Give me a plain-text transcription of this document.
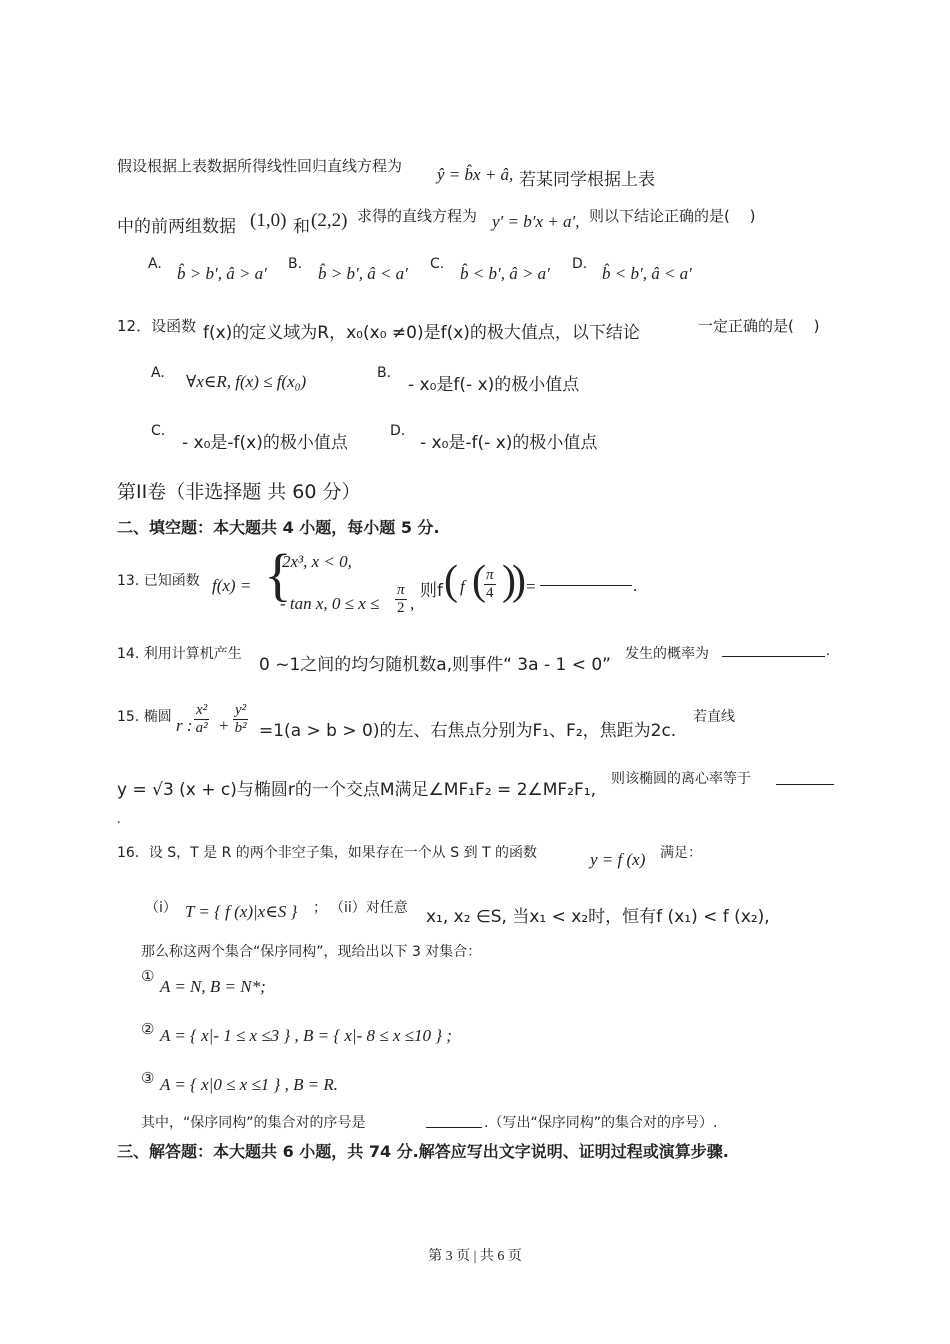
假设根据上表数据所得线性回归直线方程为 ŷ = b̂x + â, 若某同学根据上表
中的前两组数据 (1,0) 和 (2,2) 求得的直线方程为 y′ = b′x + a′, 则以下结论正确的是(　 )
A. b̂ > b′, â > a′ B. b̂ > b′, â < a′ C. b̂ < b′, â > a′ D. b̂ < b′, â < a′
12．设函数 f(x)的定义域为R，x₀(x₀ ≠0)是f(x)的极大值点，以下结论	一定正确的是(　 )
A. ∀x∈R, f(x) ≤ f(x₀)	B.
- x₀是f(- x)的极小值点
C.
- x₀是-f(x)的极小值点
D.
- x₀是-f(- x)的极小值点
第II卷（非选择题 共 60 分）
二、填空题：本大题共 4 小题，每小题 5 分.
13. 已知函数 f(x) = {
2x³, x < 0,
- tan x, 0 ≤ x ≤
π
2 ,
则f ( f ( π
4 )
) =	.
14. 利用计算机产生
0 ~1之间的均匀随机数a,则事件“ 3a - 1 < 0”
发生的概率为	.
15. 椭圆 r :
x²
a² +
y²
b² =1(a > b > 0)的左、右焦点分别为F₁、F₂，焦距为2c.
若直线
y = √3 (x + c)与椭圆r的一个交点M满足∠MF₁F₂ = 2∠MF₂F₁,
则该椭圆的离心率等于
.
16．设 S，T 是 R 的两个非空子集，如果存在一个从 S 到 T 的函数	y = f (x) 满足：
（i） T = { f (x)|x∈S } ； （ii）对任意 x₁, x₂ ∈S, 当x₁ < x₂时，恒有f (x₁) < f (x₂),
那么称这两个集合“保序同构”，现给出以下 3 对集合：
①
A = N, B = N*;
② A = { x|- 1 ≤ x ≤3 } , B = { x|- 8 ≤ x ≤10 } ;
③ A = { x|0 ≤ x ≤1 } , B = R.
其中，“保序同构”的集合对的序号是	.（写出“保序同构”的集合对的序号）.
三、解答题：本大题共 6 小题，共 74 分.解答应写出文字说明、证明过程或演算步骤.
第 3 页 | 共 6 页
